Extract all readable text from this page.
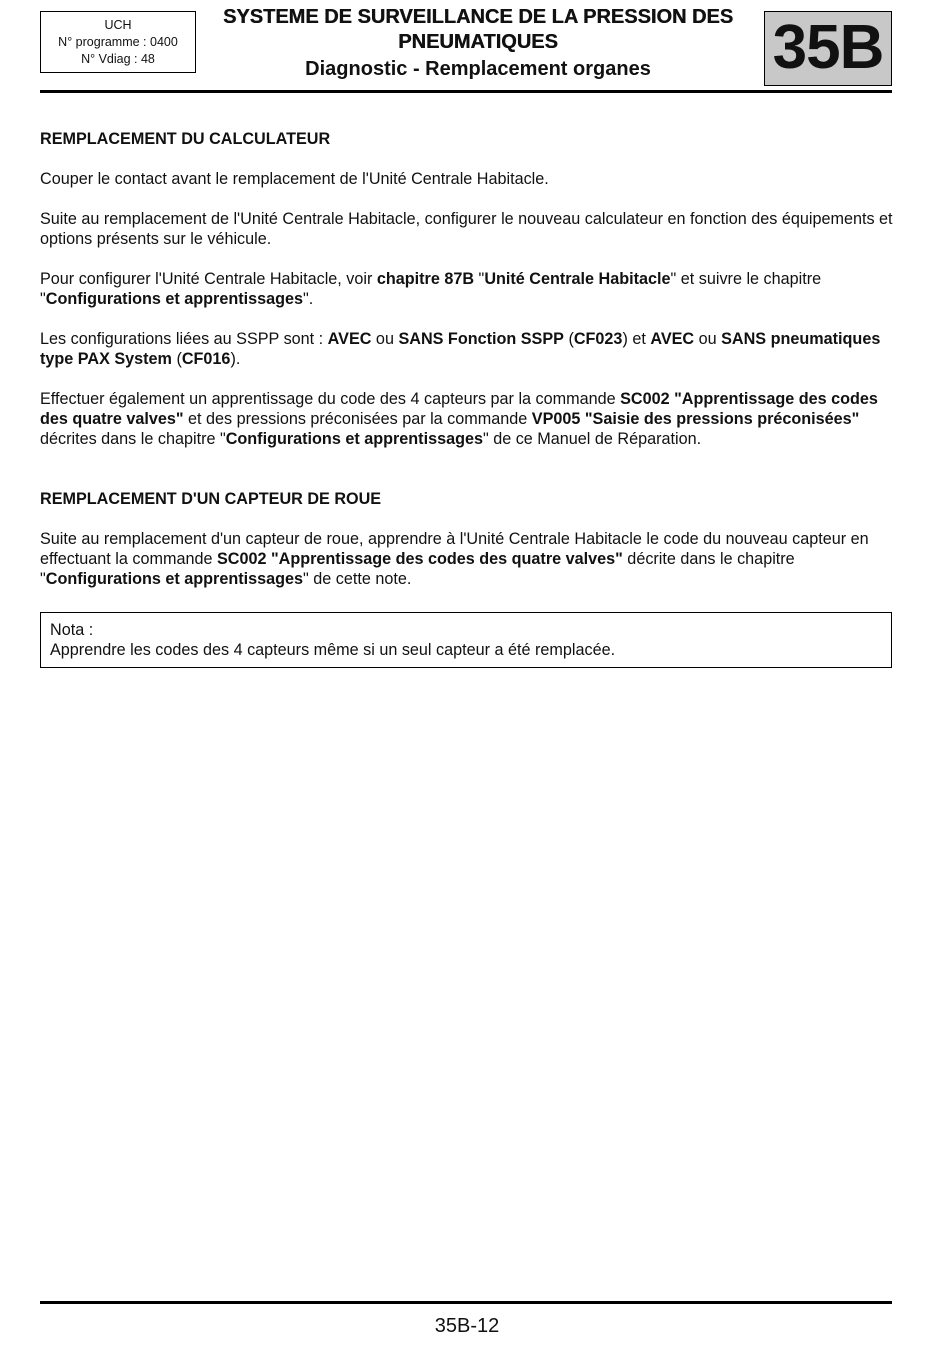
UCH
N° programme : 0400
N° Vdiag : 48
SYSTEME DE SURVEILLANCE DE LA PRESSION DES
PNEUMATIQUES
Diagnostic - Remplacement organes	35B

REMPLACEMENT DU CALCULATEUR

Couper le contact avant le remplacement de l'Unité Centrale Habitacle.

Suite au remplacement de l'Unité Centrale Habitacle, configurer le nouveau calculateur en fonction des équipements et options présents sur le véhicule.

Pour configurer l'Unité Centrale Habitacle, voir chapitre 87B "Unité Centrale Habitacle" et suivre le chapitre "Configurations et apprentissages".

Les configurations liées au SSPP sont : AVEC ou SANS Fonction SSPP (CF023) et AVEC ou SANS pneumatiques type PAX System (CF016).

Effectuer également un apprentissage du code des 4 capteurs par la commande SC002 "Apprentissage des codes des quatre valves" et des pressions préconisées par la commande VP005 "Saisie des pressions préconisées" décrites dans le chapitre "Configurations et apprentissages" de ce Manuel de Réparation.

REMPLACEMENT D'UN CAPTEUR DE ROUE

Suite au remplacement d'un capteur de roue, apprendre à l'Unité Centrale Habitacle le code du nouveau capteur en effectuant la commande SC002 "Apprentissage des codes des quatre valves" décrite dans le chapitre "Configurations et apprentissages" de cette note.

Nota :

Apprendre les codes des 4 capteurs même si un seul capteur a été remplacée.

35B-12
